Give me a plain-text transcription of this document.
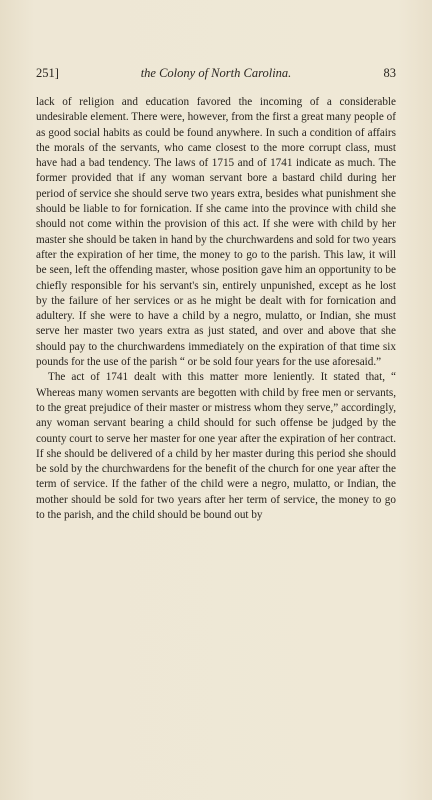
251]	the Colony of North Carolina.	83

lack of religion and education favored the incoming of a considerable undesirable element. There were, however, from the first a great many people of as good social habits as could be found anywhere. In such a condition of affairs the morals of the servants, who came closest to the more corrupt class, must have had a bad tendency. The laws of 1715 and of 1741 indicate as much. The former provided that if any woman servant bore a bastard child during her period of service she should serve two years extra, besides what punishment she should be liable to for fornication. If she came into the province with child she should not come within the provision of this act. If she were with child by her master she should be taken in hand by the churchwardens and sold for two years after the expiration of her time, the money to go to the parish. This law, it will be seen, left the offending master, whose position gave him an opportunity to be chiefly responsible for his servant's sin, entirely unpunished, except as he lost by the failure of her services or as he might be dealt with for fornication and adultery. If she were to have a child by a negro, mulatto, or Indian, she must serve her master two years extra as just stated, and over and above that she should pay to the churchwardens immediately on the expiration of that time six pounds for the use of the parish “ or be sold four years for the use aforesaid.”

The act of 1741 dealt with this matter more leniently. It stated that, “ Whereas many women servants are begotten with child by free men or servants, to the great prejudice of their master or mistress whom they serve,” accordingly, any woman servant bearing a child should for such offense be judged by the county court to serve her master for one year after the expiration of her contract. If she should be delivered of a child by her master during this period she should be sold by the churchwardens for the benefit of the church for one year after the term of service. If the father of the child were a negro, mulatto, or Indian, the mother should be sold for two years after her term of service, the money to go to the parish, and the child should be bound out by
